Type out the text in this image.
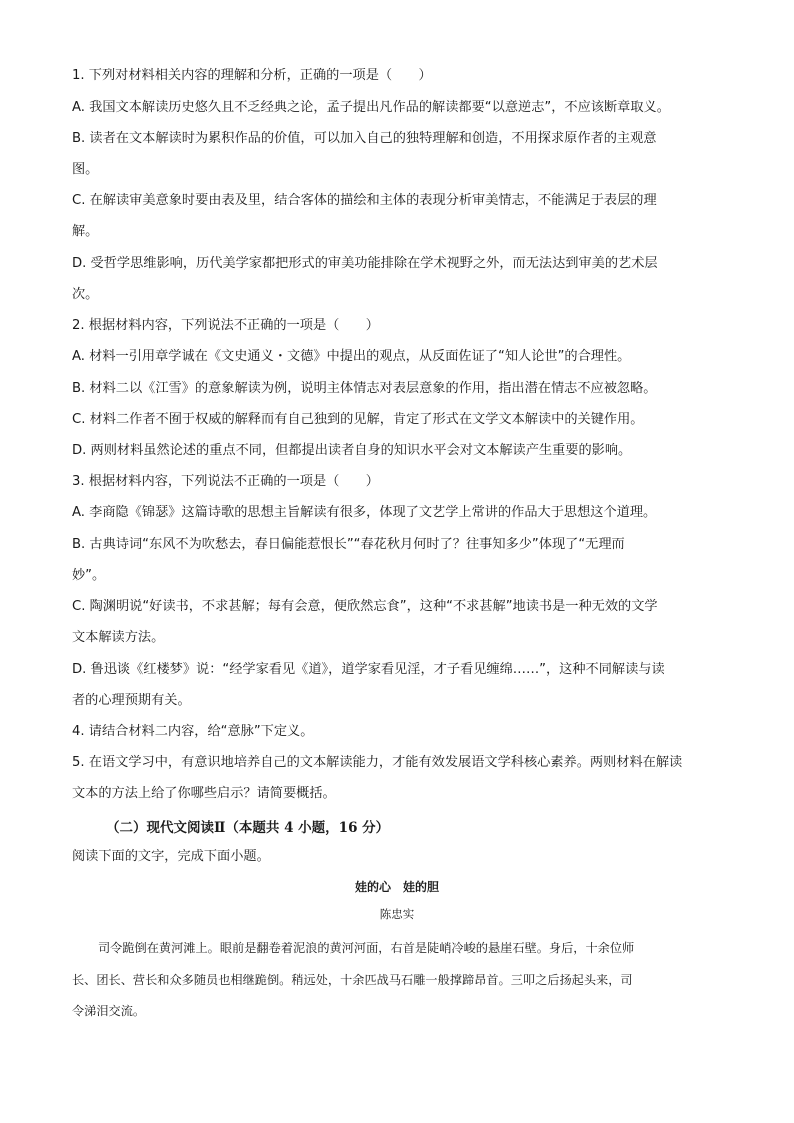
1. 下列对材料相关内容的理解和分析，正确的一项是（　　）
A. 我国文本解读历史悠久且不乏经典之论，孟子提出凡作品的解读都要“以意逆志”，不应该断章取义。
B. 读者在文本解读时为累积作品的价值，可以加入自己的独特理解和创造，不用探求原作者的主观意
图。
C. 在解读审美意象时要由表及里，结合客体的描绘和主体的表现分析审美情志，不能满足于表层的理
解。
D. 受哲学思维影响，历代美学家都把形式的审美功能排除在学术视野之外，而无法达到审美的艺术层
次。
2. 根据材料内容，下列说法不正确的一项是（　　）
A. 材料一引用章学诚在《文史通义・文德》中提出的观点，从反面佐证了“知人论世”的合理性。
B. 材料二以《江雪》的意象解读为例，说明主体情志对表层意象的作用，指出潜在情志不应被忽略。
C. 材料二作者不囿于权威的解释而有自己独到的见解，肯定了形式在文学文本解读中的关键作用。
D. 两则材料虽然论述的重点不同，但都提出读者自身的知识水平会对文本解读产生重要的影响。
3. 根据材料内容，下列说法不正确的一项是（　　）
A. 李商隐《锦瑟》这篇诗歌的思想主旨解读有很多，体现了文艺学上常讲的作品大于思想这个道理。
B. 古典诗词“东风不为吹愁去，春日偏能惹恨长”“春花秋月何时了？往事知多少”体现了“无理而
妙”。
C. 陶渊明说“好读书，不求甚解；每有会意，便欣然忘食”，这种“不求甚解”地读书是一种无效的文学
文本解读方法。
D. 鲁迅谈《红楼梦》说：“经学家看见《道》，道学家看见淫，才子看见缠绵……”，这种不同解读与读
者的心理预期有关。
4. 请结合材料二内容，给“意脉”下定义。
5. 在语文学习中，有意识地培养自己的文本解读能力，才能有效发展语文学科核心素养。两则材料在解读
文本的方法上给了你哪些启示？请简要概括。
（二）现代文阅读Ⅱ（本题共 4 小题，16 分）
阅读下面的文字，完成下面小题。
娃的心　娃的胆
陈忠实
司令跪倒在黄河滩上。眼前是翻卷着泥浪的黄河河面，右首是陡峭冷峻的悬崖石壁。身后，十余位师
长、团长、营长和众多随员也相继跪倒。稍远处，十余匹战马石雕一般撑蹄昂首。三叩之后扬起头来，司
令涕泪交流。
